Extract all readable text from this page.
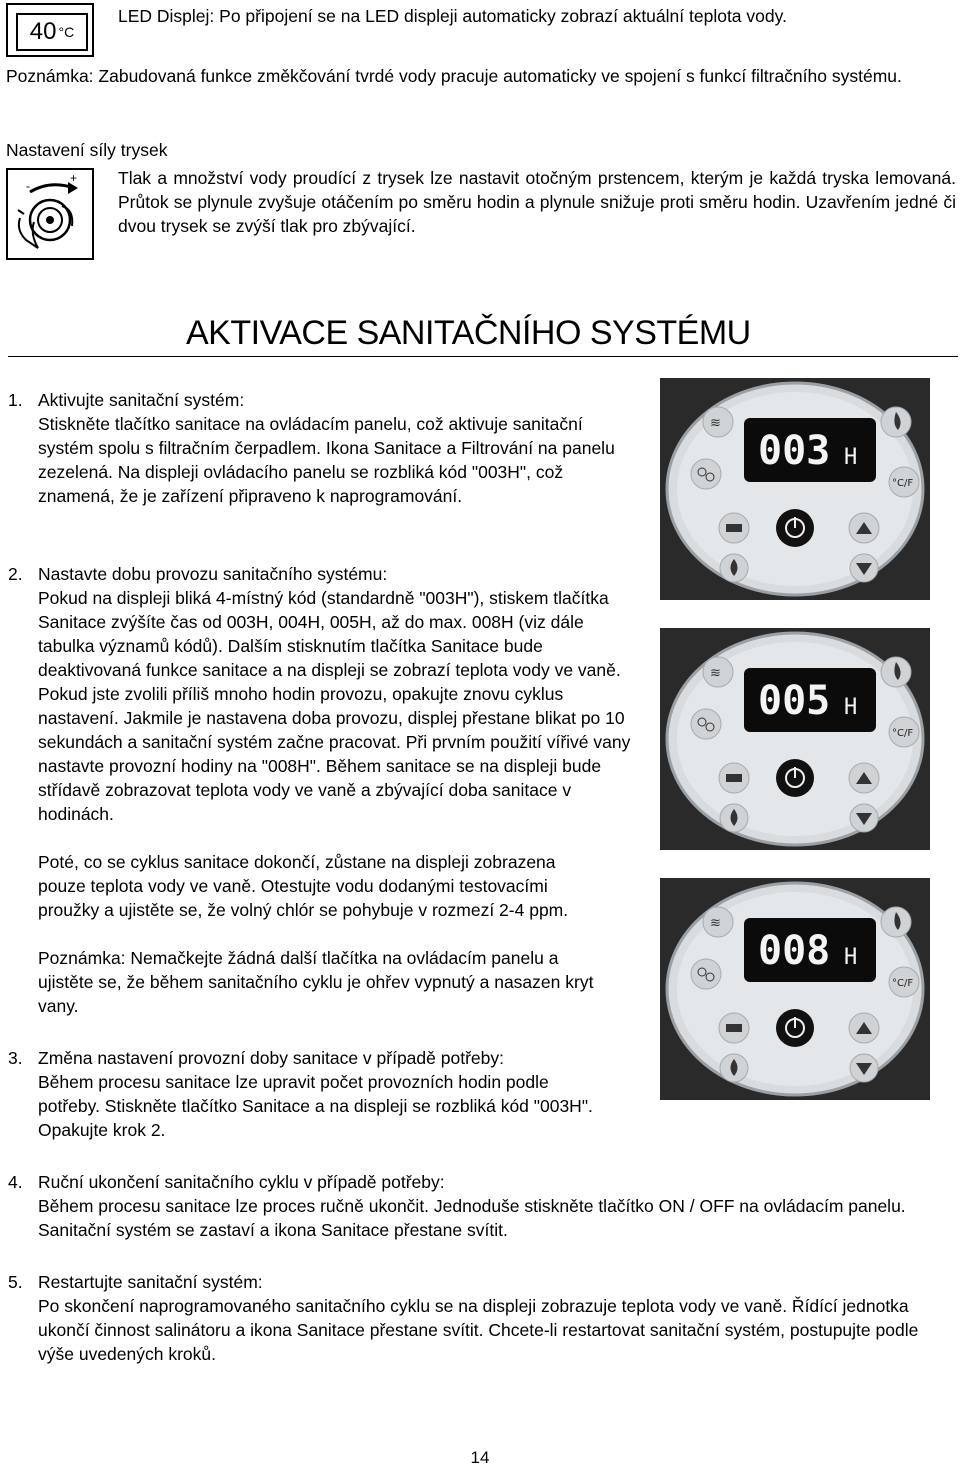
40 °C
LED Displej: Po připojení se na LED displeji automaticky zobrazí aktuální teplota vody.
Poznámka: Zabudovaná funkce změkčování tvrdé vody pracuje automaticky ve spojení s funkcí filtračního systému.
Nastavení síly trysek
-
+ Tlak a množství vody proudící z trysek lze nastavit otočným prstencem, kterým je každá tryska lemovaná. Průtok se plynule zvyšuje otáčením po směru hodin a plynule snižuje proti směru hodin. Uzavřením jedné či dvou trysek se zvýší tlak pro zbývající.
AKTIVACE SANITAČNÍHO SYSTÉMU
1. Aktivujte sanitační systém:
Stiskněte tlačítko sanitace na ovládacím panelu, což aktivuje sanitační systém spolu s filtračním čerpadlem. Ikona Sanitace a Filtrování na panelu zezelená. Na displeji ovládacího panelu se rozbliká kód "003H", což znamená, že je zařízení připraveno k naprogramování.
2. Nastavte dobu provozu sanitačního systému:
Pokud na displeji bliká 4-místný kód (standardně "003H"), stiskem tlačítka Sanitace zvýšíte čas od 003H, 004H, 005H, až do max. 008H (viz dále tabulka významů kódů). Dalším stisknutím tlačítka Sanitace bude deaktivovaná funkce sanitace a na displeji se zobrazí teplota vody ve vaně. Pokud jste zvolili příliš mnoho hodin provozu, opakujte znovu cyklus nastavení. Jakmile je nastavena doba provozu, displej přestane blikat po 10 sekundách a sanitační systém začne pracovat. Při prvním použití vířivé vany nastavte provozní hodiny na "008H". Během sanitace se na displeji bude střídavě zobrazovat teplota vody ve vaně a zbývající doba sanitace v hodinách.
Poté, co se cyklus sanitace dokončí, zůstane na displeji zobrazena pouze teplota vody ve vaně. Otestujte vodu dodanými testovacími proužky a ujistěte se, že volný chlór se pohybuje v rozmezí 2-4 ppm.
Poznámka: Nemačkejte žádná další tlačítka na ovládacím panelu a ujistěte se, že během sanitačního cyklu je ohřev vypnutý a nasazen kryt vany.
3. Změna nastavení provozní doby sanitace v případě potřeby:
Během procesu sanitace lze upravit počet provozních hodin podle potřeby. Stiskněte tlačítko Sanitace a na displeji se rozbliká kód "003H". Opakujte krok 2.
4. Ruční ukončení sanitačního cyklu v případě potřeby:
Během procesu sanitace lze proces ručně ukončit. Jednoduše stiskněte tlačítko ON / OFF na ovládacím panelu. Sanitační systém se zastaví a ikona Sanitace přestane svítit.
5. Restartujte sanitační systém:
Po skončení naprogramovaného sanitačního cyklu se na displeji zobrazuje teplota vody ve vaně. Řídící jednotka ukončí činnost salinátoru a ikona Sanitace přestane svítit. Chcete-li restartovat sanitační systém, postupujte podle výše uvedených kroků.
003 H
≋
°C/F
005 H
≋
°C/F
008 H
≋
°C/F
14
